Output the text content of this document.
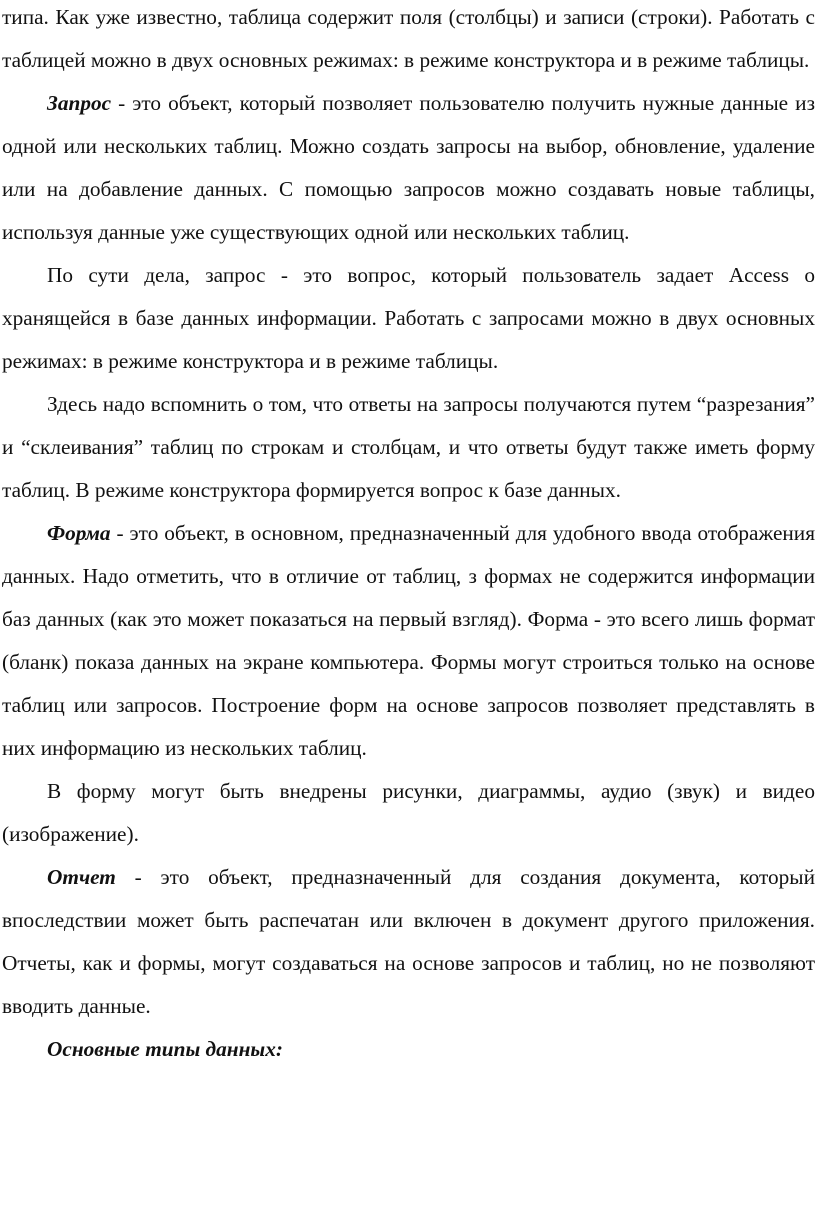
типа. Как уже известно, таблица содержит поля (столбцы) и записи (строки). Работать с таблицей можно в двух основных режимах: в режиме конструктора и в режиме таблицы.

Запрос - это объект, который позволяет пользователю получить нужные данные из одной или нескольких таблиц. Можно создать запросы на выбор, обновление, удаление или на добавление данных. С помощью запросов можно создавать новые таблицы, используя данные уже существующих одной или нескольких таблиц.

По сути дела, запрос - это вопрос, который пользователь задает Access о хранящейся в базе данных информации. Работать с запросами можно в двух основных режимах: в режиме конструктора и в режиме таблицы.

Здесь надо вспомнить о том, что ответы на запросы получаются путем “разрезания” и “склеивания” таблиц по строкам и столбцам, и что ответы будут также иметь форму таблиц. В режиме конструктора формируется вопрос к базе данных.

Форма - это объект, в основном, предназначенный для удобного ввода отображения данных. Надо отметить, что в отличие от таблиц, з формах не содержится информации баз данных (как это может показаться на первый взгляд). Форма - это всего лишь формат (бланк) показа данных на экране компьютера. Формы могут строиться только на основе таблиц или запросов. Построение форм на основе запросов позволяет представлять в них информацию из нескольких таблиц.

В форму могут быть внедрены рисунки, диаграммы, аудио (звук) и видео (изображение).

Отчет - это объект, предназначенный для создания документа, который впоследствии может быть распечатан или включен в документ другого приложения. Отчеты, как и формы, могут создаваться на основе запросов и таблиц, но не позволяют вводить данные.

Основные типы данных:
